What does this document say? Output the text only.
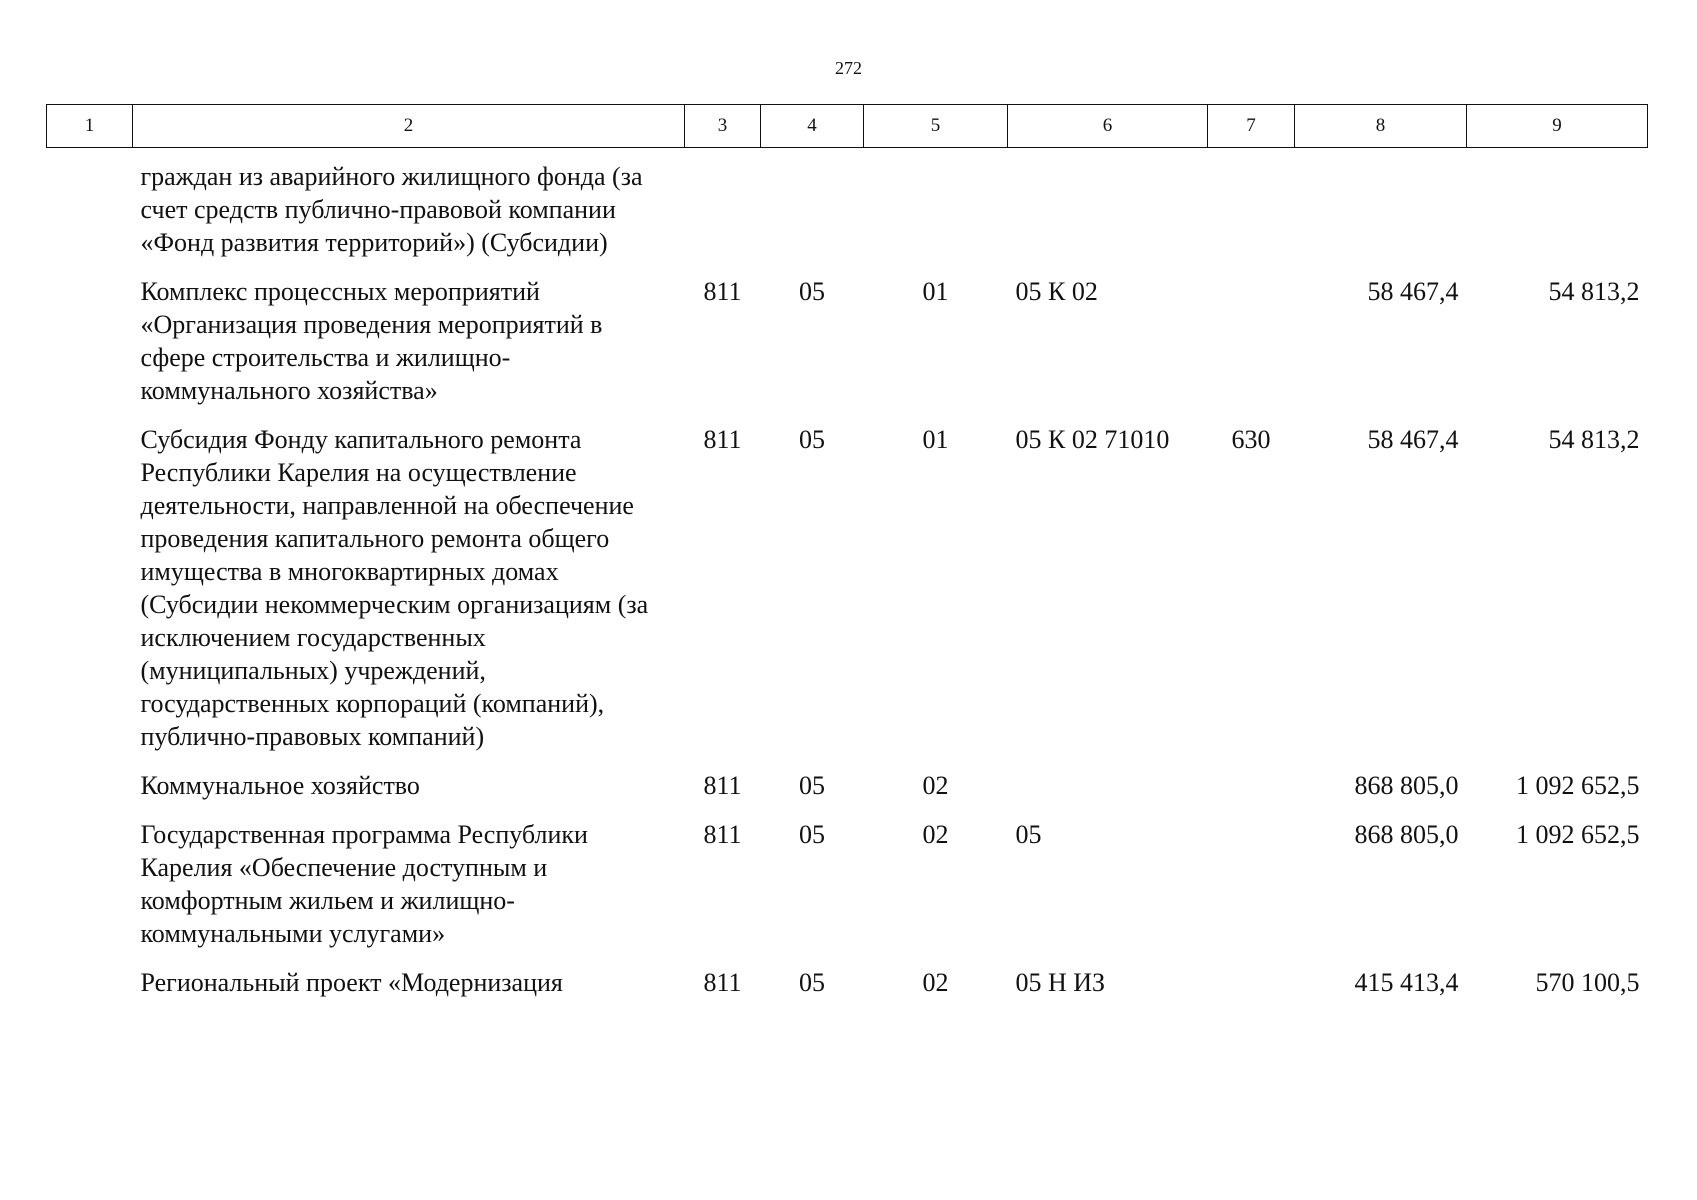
272
1	2	3	4	5	6	7	8	9
	граждан из аварийного жилищного фонда (за счет средств публично-правовой компании «Фонд развития территорий») (Субсидии)							
	Комплекс процессных мероприятий «Организация проведения мероприятий в сфере строительства и жилищно-коммунального хозяйства»	811	05	01	05 К 02		58 467,4	54 813,2
	Субсидия Фонду капитального ремонта Республики Карелия на осуществление деятельности, направленной на обеспечение проведения капитального ремонта общего имущества в многоквартирных домах (Субсидии некоммерческим организациям (за исключением государственных (муниципальных) учреждений, государственных корпораций (компаний), публично-правовых компаний)	811	05	01	05 К 02 71010	630	58 467,4	54 813,2
	Коммунальное хозяйство	811	05	02			868 805,0	1 092 652,5
	Государственная программа Республики Карелия «Обеспечение доступным и комфортным жильем и жилищно-коммунальными услугами»	811	05	02	05		868 805,0	1 092 652,5
	Региональный проект «Модернизация	811	05	02	05 Н ИЗ		415 413,4	570 100,5
